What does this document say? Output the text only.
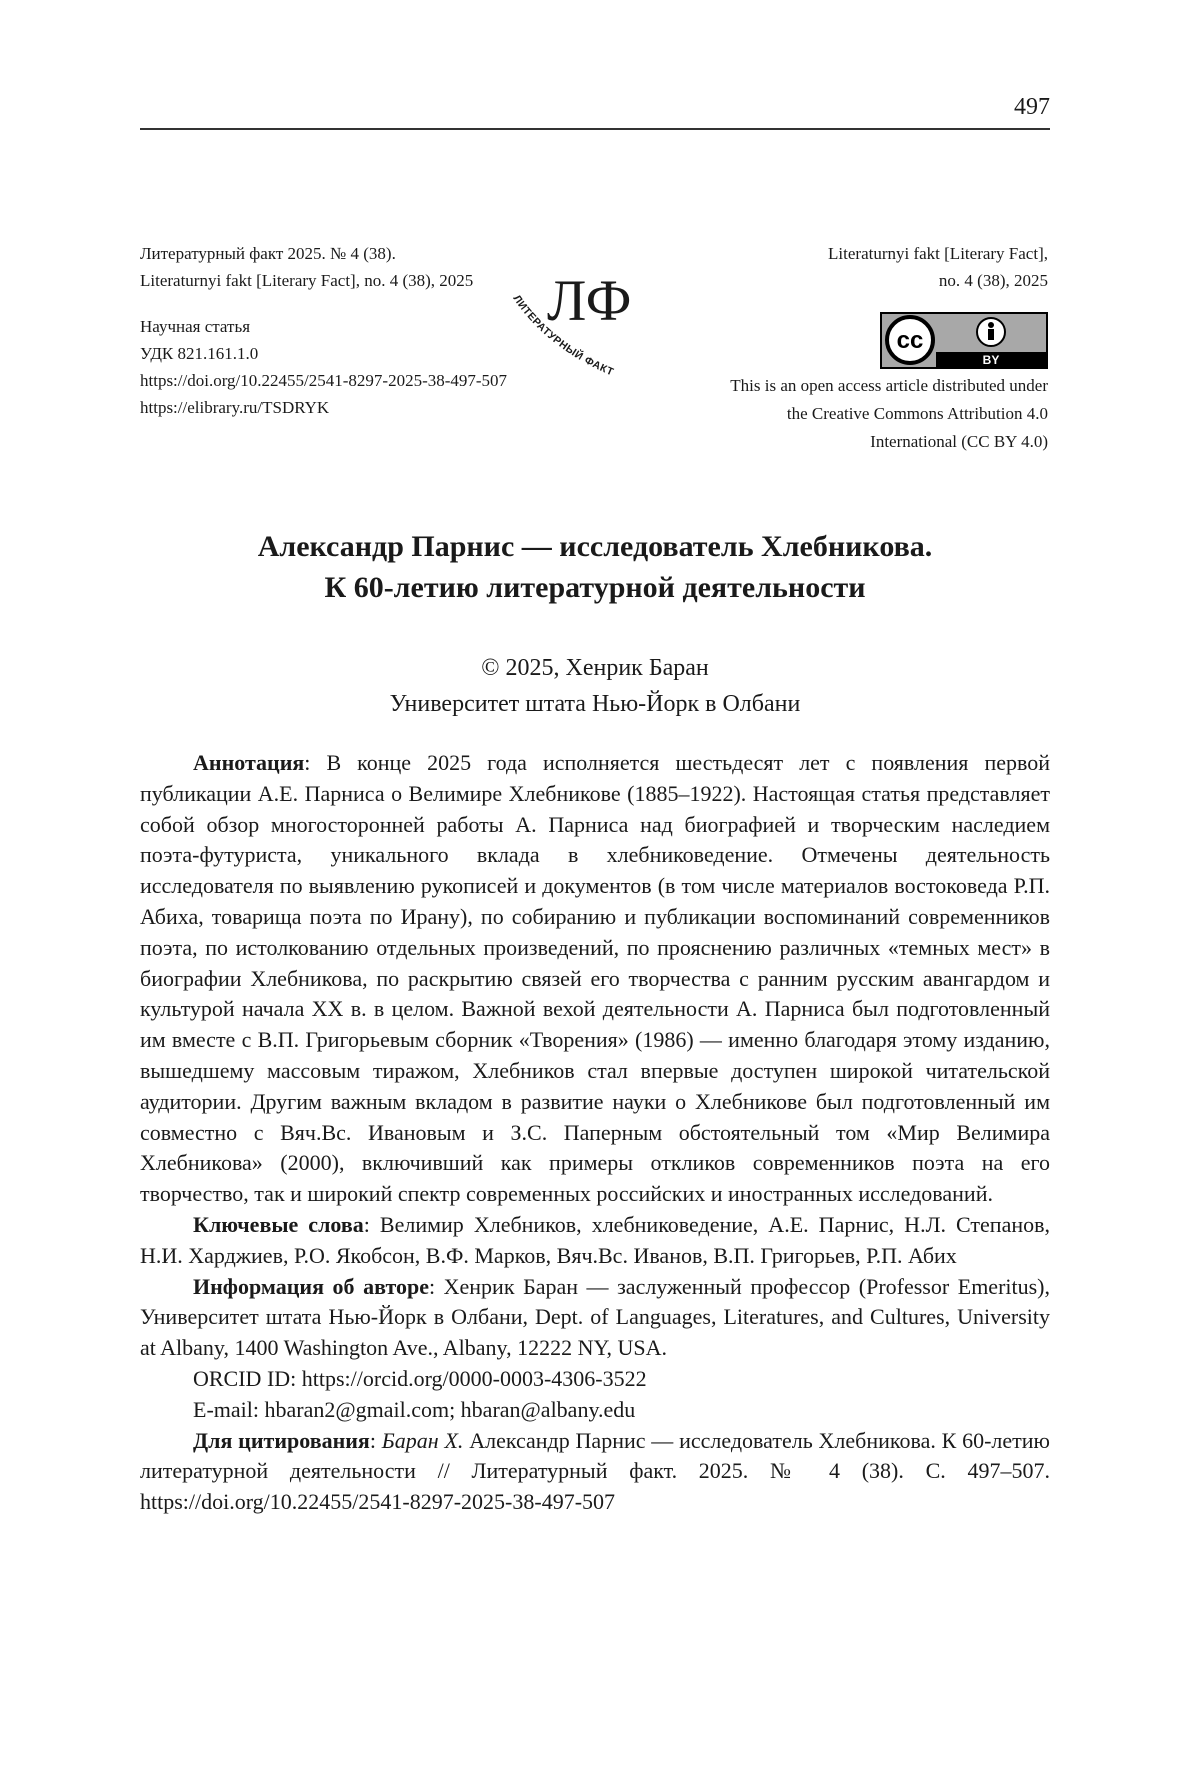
497
Литературный факт 2025. № 4 (38).
Literaturnyi fakt [Literary Fact], no. 4 (38), 2025
Научная статья
УДК 821.161.1.0
https://doi.org/10.22455/2541-8297-2025-38-497-507
https://elibrary.ru/TSDRYK
ЛФ
ЛИТЕРАТУРНЫЙ ФАКТ
Literaturnyi fakt [Literary Fact],
no. 4 (38), 2025
cc
BY
This is an open access article distributed under
the Creative Commons Attribution 4.0
International (CC BY 4.0)
Александр Парнис — исследователь Хлебникова.
К 60-летию литературной деятельности
© 2025, Хенрик Баран
Университет штата Нью-Йорк в Олбани

Аннотация: В конце 2025 года исполняется шестьдесят лет с появления первой публикации А.Е. Парниса о Велимире Хлебникове (1885–1922). Настоящая статья представляет собой обзор многосторонней работы А. Парниса над биографией и творческим наследием поэта-футуриста, уникального вклада в хлебниковедение. Отмечены деятельность исследователя по выявлению рукописей и документов (в том числе материалов востоковеда Р.П. Абиха, товарища поэта по Ирану), по собиранию и публикации воспоминаний современников поэта, по истолкованию отдельных произведений, по прояснению различных «темных мест» в биографии Хлебникова, по раскрытию связей его творчества с ранним русским авангардом и культурой начала XX в. в целом. Важной вехой деятельности А. Парниса был подготовленный им вместе с В.П. Григорьевым сборник «Творения» (1986) — именно благодаря этому изданию, вышедшему массовым тиражом, Хлебников стал впервые доступен широкой читательской аудитории. Другим важным вкладом в развитие науки о Хлебникове был подготовленный им совместно с Вяч.Вс. Ивановым и З.С. Паперным обстоятельный том «Мир Велимира Хлебникова» (2000), включивший как примеры откликов современников поэта на его творчество, так и широкий спектр современных российских и иностранных исследований.

Ключевые слова: Велимир Хлебников, хлебниковедение, А.Е. Парнис, Н.Л. Степанов, Н.И. Харджиев, Р.О. Якобсон, В.Ф. Марков, Вяч.Вс. Иванов, В.П. Григорьев, Р.П. Абих

Информация об авторе: Хенрик Баран — заслуженный профессор (Professor Emeritus), Университет штата Нью-Йорк в Олбани, Dept. of Languages, Literatures, and Cultures, University at Albany, 1400 Washington Ave., Albany, 12222 NY, USA.

ORCID ID: https://orcid.org/0000-0003-4306-3522

E-mail: hbaran2@gmail.com; hbaran@albany.edu

Для цитирования: Баран Х. Александр Парнис — исследователь Хлебникова. К 60-летию литературной деятельности // Литературный факт. 2025. № 4 (38). С. 497–507. https://doi.org/10.22455/2541-8297-2025-38-497-507
